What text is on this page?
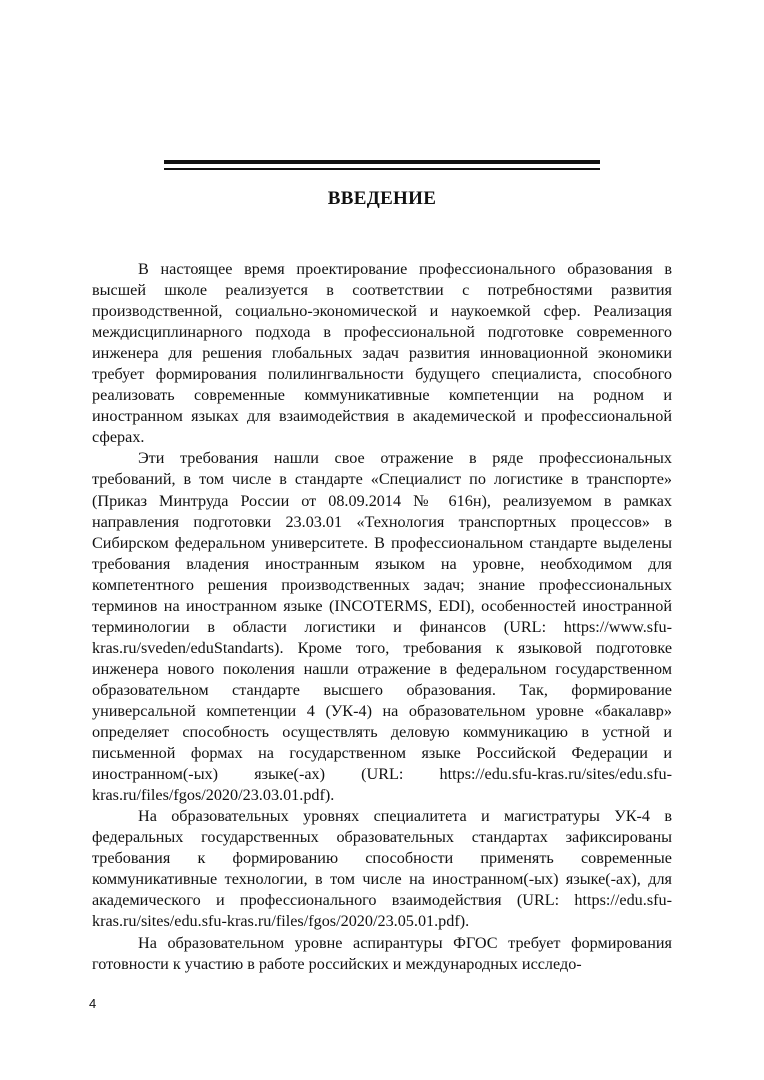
ВВЕДЕНИЕ

В настоящее время проектирование профессионального образования в высшей школе реализуется в соответствии с потребностями развития производственной, социально-экономической и наукоемкой сфер. Реализация междисциплинарного подхода в профессиональной подготовке современного инженера для решения глобальных задач развития инновационной экономики требует формирования полилингвальности будущего специалиста, способного реализовать современные коммуникативные компетенции на родном и иностранном языках для взаимодействия в академической и профессиональной сферах.

Эти требования нашли свое отражение в ряде профессиональных требований, в том числе в стандарте «Специалист по логистике в транспорте» (Приказ Минтруда России от 08.09.2014 № 616н), реализуемом в рамках направления подготовки 23.03.01 «Технология транспортных процессов» в Сибирском федеральном университете. В профессиональном стандарте выделены требования владения иностранным языком на уровне, необходимом для компетентного решения производственных задач; знание профессиональных терминов на иностранном языке (INCOTERMS, EDI), особенностей иностранной терминологии в области логистики и финансов (URL: https://www.sfu-kras.ru/sveden/eduStandarts). Кроме того, требования к языковой подготовке инженера нового поколения нашли отражение в федеральном государственном образовательном стандарте высшего образования. Так, формирование универсальной компетенции 4 (УК-4) на образовательном уровне «бакалавр» определяет способность осуществлять деловую коммуникацию в устной и письменной формах на государственном языке Российской Федерации и иностранном(-ых) языке(-ах) (URL: https://edu.sfu-kras.ru/sites/edu.sfu-kras.ru/files/fgos/2020/23.03.01.pdf).

На образовательных уровнях специалитета и магистратуры УК-4 в федеральных государственных образовательных стандартах зафиксированы требования к формированию способности применять современные коммуникативные технологии, в том числе на иностранном(-ых) языке(-ах), для академического и профессионального взаимодействия (URL: https://edu.sfu-kras.ru/sites/edu.sfu-kras.ru/files/fgos/2020/23.05.01.pdf).

На образовательном уровне аспирантуры ФГОС требует формирования готовности к участию в работе российских и международных исследо-

4
